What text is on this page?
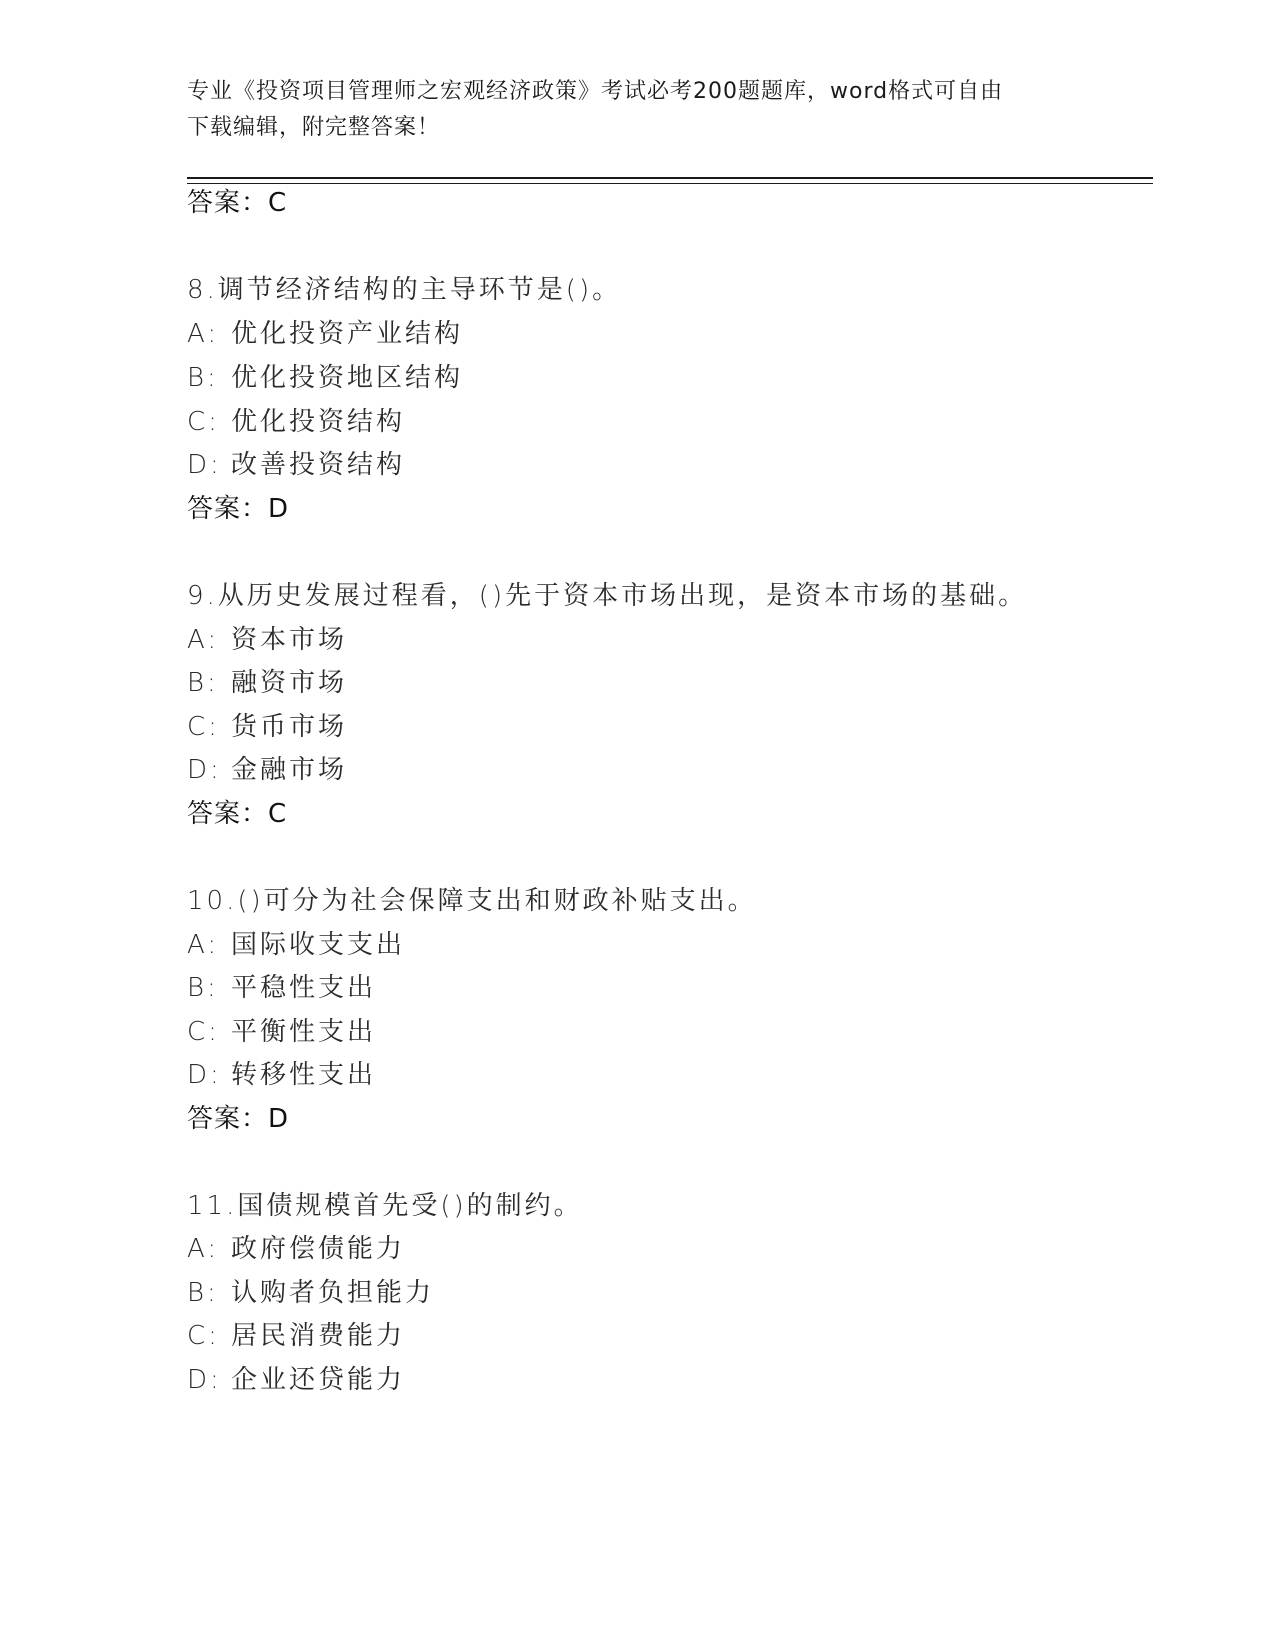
专业《投资项目管理师之宏观经济政策》考试必考200题题库，word格式可自由
下载编辑，附完整答案！
答案：C
8.调节经济结构的主导环节是()。
A: 优化投资产业结构
B: 优化投资地区结构
C: 优化投资结构
D: 改善投资结构
答案：D
9.从历史发展过程看，()先于资本市场出现，是资本市场的基础。
A: 资本市场
B: 融资市场
C: 货币市场
D: 金融市场
答案：C
10.()可分为社会保障支出和财政补贴支出。
A: 国际收支支出
B: 平稳性支出
C: 平衡性支出
D: 转移性支出
答案：D
11.国债规模首先受()的制约。
A: 政府偿债能力
B: 认购者负担能力
C: 居民消费能力
D: 企业还贷能力
